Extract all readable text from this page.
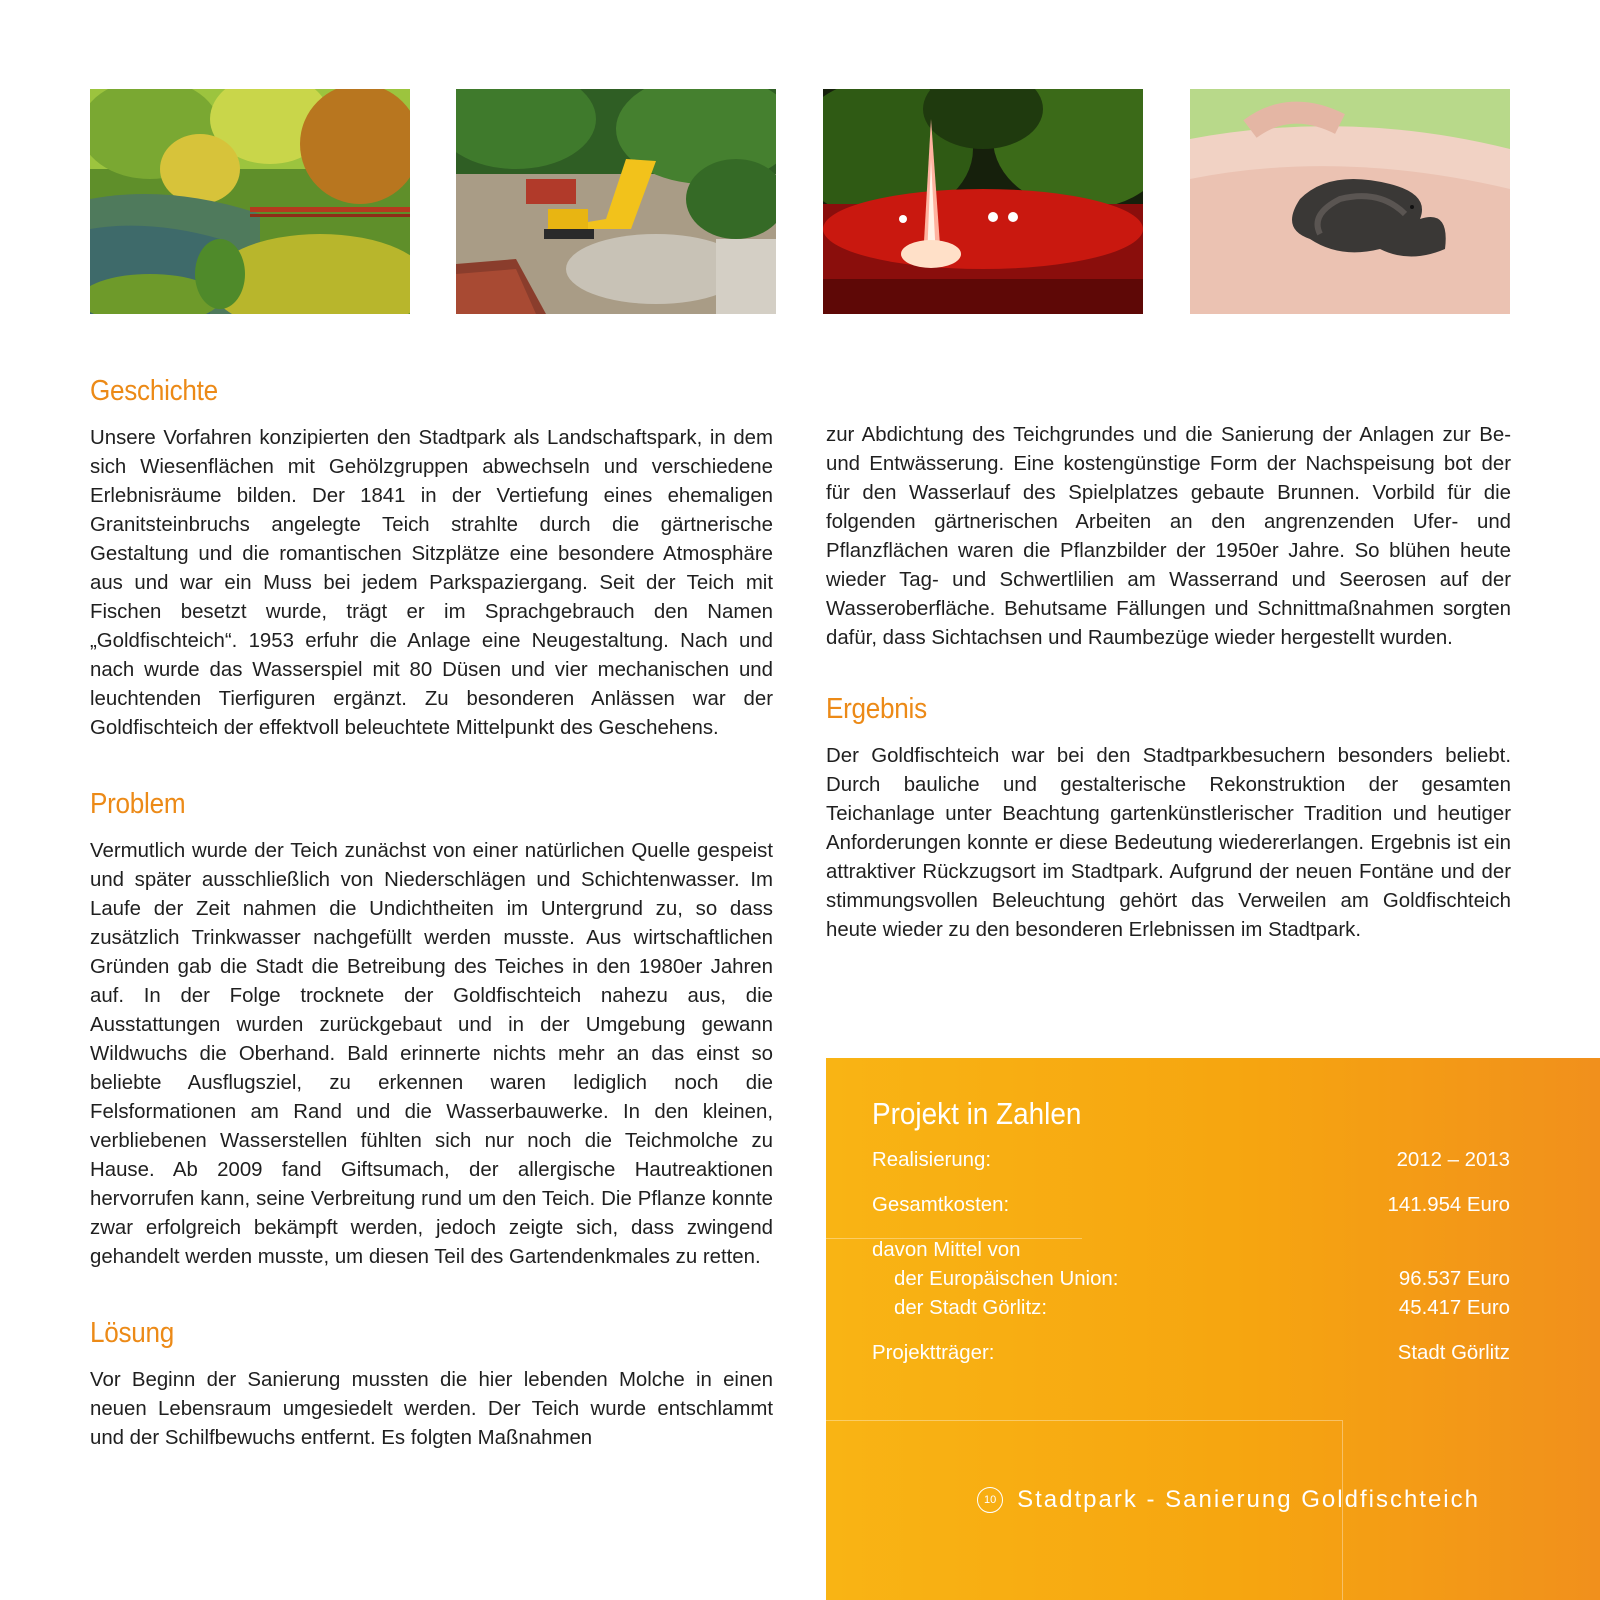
Geschichte

Unsere Vorfahren konzipierten den Stadtpark als Landschaftspark, in dem sich Wiesenflächen mit Gehölzgruppen abwechseln und verschiedene Erlebnisräume bilden. Der 1841 in der Vertiefung eines ehemaligen Granitsteinbruchs angelegte Teich strahlte durch die gärtnerische Gestaltung und die romantischen Sitzplätze eine besondere Atmosphäre aus und war ein Muss bei jedem Parkspaziergang. Seit der Teich mit Fischen besetzt wurde, trägt er im Sprachgebrauch den Namen „Goldfischteich“. 1953 erfuhr die Anlage eine Neugestaltung. Nach und nach wurde das Wasserspiel mit 80 Düsen und vier mechanischen und leuchtenden Tierfiguren ergänzt. Zu besonderen Anlässen war der Goldfischteich der effektvoll beleuchtete Mittelpunkt des Geschehens.

Problem

Vermutlich wurde der Teich zunächst von einer natürlichen Quelle gespeist und später ausschließlich von Niederschlägen und Schichtenwasser. Im Laufe der Zeit nahmen die Undichtheiten im Untergrund zu, so dass zusätzlich Trinkwasser nachgefüllt werden musste. Aus wirtschaftlichen Gründen gab die Stadt die Betreibung des Teiches in den 1980er Jahren auf. In der Folge trocknete der Goldfischteich nahezu aus, die Ausstattungen wurden zurückgebaut und in der Umgebung gewann Wildwuchs die Oberhand. Bald erinnerte nichts mehr an das einst so beliebte Ausflugsziel, zu erkennen waren lediglich noch die Felsformationen am Rand und die Wasserbauwerke. In den kleinen, verbliebenen Wasserstellen fühlten sich nur noch die Teichmolche zu Hause. Ab 2009 fand Giftsumach, der allergische Hautreaktionen hervorrufen kann, seine Verbreitung rund um den Teich. Die Pflanze konnte zwar erfolgreich bekämpft werden, jedoch zeigte sich, dass zwingend gehandelt werden musste, um diesen Teil des Gartendenkmales zu retten.

Lösung

Vor Beginn der Sanierung mussten die hier lebenden Molche in einen neuen Lebensraum umgesiedelt werden. Der Teich wurde entschlammt und der Schilfbewuchs entfernt. Es folgten Maßnahmen

zur Abdichtung des Teichgrundes und die Sanierung der Anlagen zur Be- und Entwässerung. Eine kostengünstige Form der Nachspeisung bot der für den Wasserlauf des Spielplatzes gebaute Brunnen. Vorbild für die folgenden gärtnerischen Arbeiten an den angrenzenden Ufer- und Pflanzflächen waren die Pflanzbilder der 1950er Jahre. So blühen heute wieder Tag- und Schwertlilien am Wasserrand und Seerosen auf der Wasseroberfläche. Behutsame Fällungen und Schnittmaßnahmen sorgten dafür, dass Sichtachsen und Raumbezüge wieder hergestellt wurden.

Ergebnis

Der Goldfischteich war bei den Stadtparkbesuchern besonders beliebt. Durch bauliche und gestalterische Rekonstruktion der gesamten Teichanlage unter Beachtung gartenkünstlerischer Tradition und heutiger Anforderungen konnte er diese Bedeutung wiedererlangen. Ergebnis ist ein attraktiver Rückzugsort im Stadtpark. Aufgrund der neuen Fontäne und der stimmungsvollen Beleuchtung gehört das Verweilen am Goldfischteich heute wieder zu den besonderen Erlebnissen im Stadtpark.

Projekt in Zahlen
Realisierung:	2012 – 2013
Gesamtkosten:	141.954 Euro
davon Mittel von
der Europäischen Union:	96.537 Euro
der Stadt Görlitz:	45.417 Euro
Projektträger:	Stadt Görlitz
10 Stadtpark - Sanierung Goldfischteich
